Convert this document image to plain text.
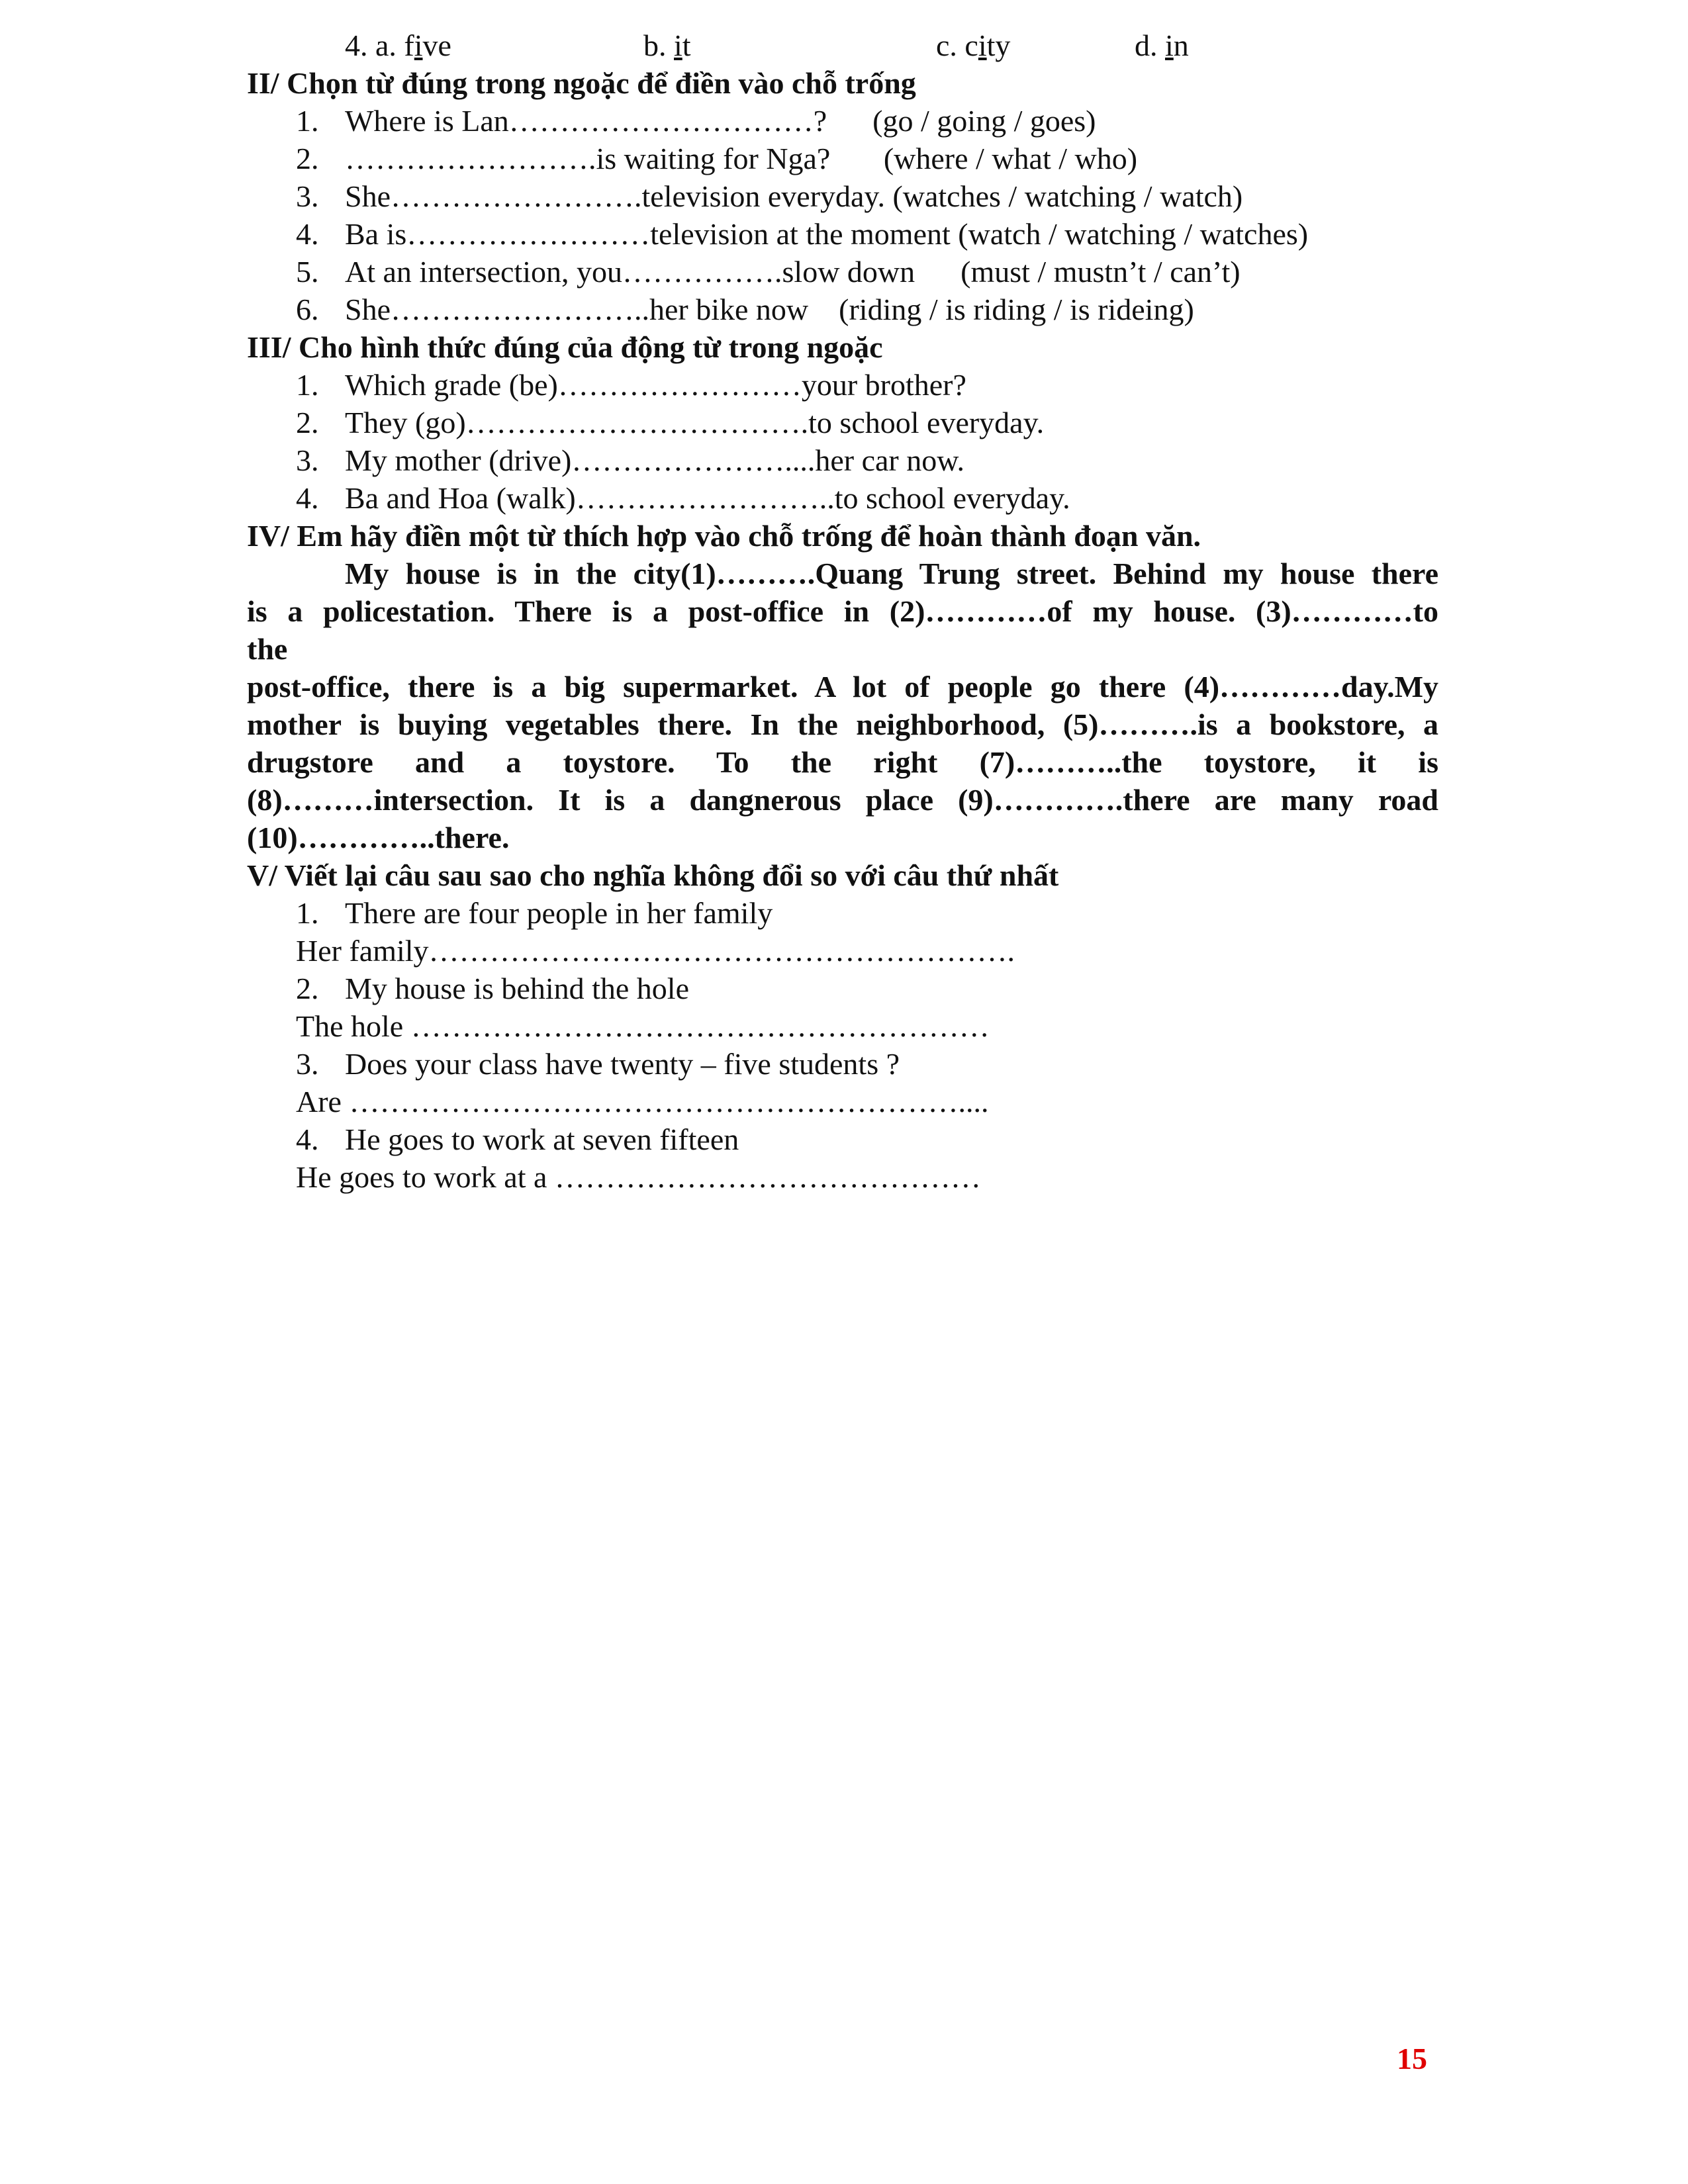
4. a. five	b. it	c. city	d. in
II/ Chọn từ đúng trong ngoặc để điền vào chỗ trống
1. Where is Lan…………………………?      (go / going / goes)
2. …………………….is waiting for Nga?       (where / what / who)
3. She…………………….television everyday. (watches / watching / watch)
4. Ba is……………………television at the moment (watch / watching / watches)
5. At an intersection, you…………….slow down      (must / mustn’t / can’t)
6. She……………………..her bike now    (riding / is riding / is rideing)
III/ Cho hình thức đúng của động từ trong ngoặc
1. Which grade (be)……………………your brother?
2. They (go)…………………………….to school everyday.
3. My mother (drive)…………………....her car now.
4. Ba and Hoa (walk)……………………..to school everyday.
IV/ Em hãy điền một từ thích hợp vào chỗ trống để hoàn thành đoạn văn.
My house is in the city(1)……….Quang Trung street. Behind my house there
is a policestation. There is a post-office in (2)…………of my house. (3)…………to
the
post-office, there is a big supermarket. A lot of people go there (4)…………day.My
mother is buying vegetables there. In the neighborhood, (5)……….is a bookstore, a
drugstore and a toystore. To the right (7)………..the toystore, it is
(8)………intersection. It is a dangnerous place (9)………….there are many road
(10)…………..there.
V/ Viết lại câu sau sao cho nghĩa không đổi so với câu thứ nhất
1. There are four people in her family
Her family………………………………………………….
2. My house is behind the hole
The hole …………………………………………………
3. Does your class have twenty – five students ?
Are ……………………………………………………....
4. He goes to work at seven fifteen
He goes to work at a ……………………………………
15
